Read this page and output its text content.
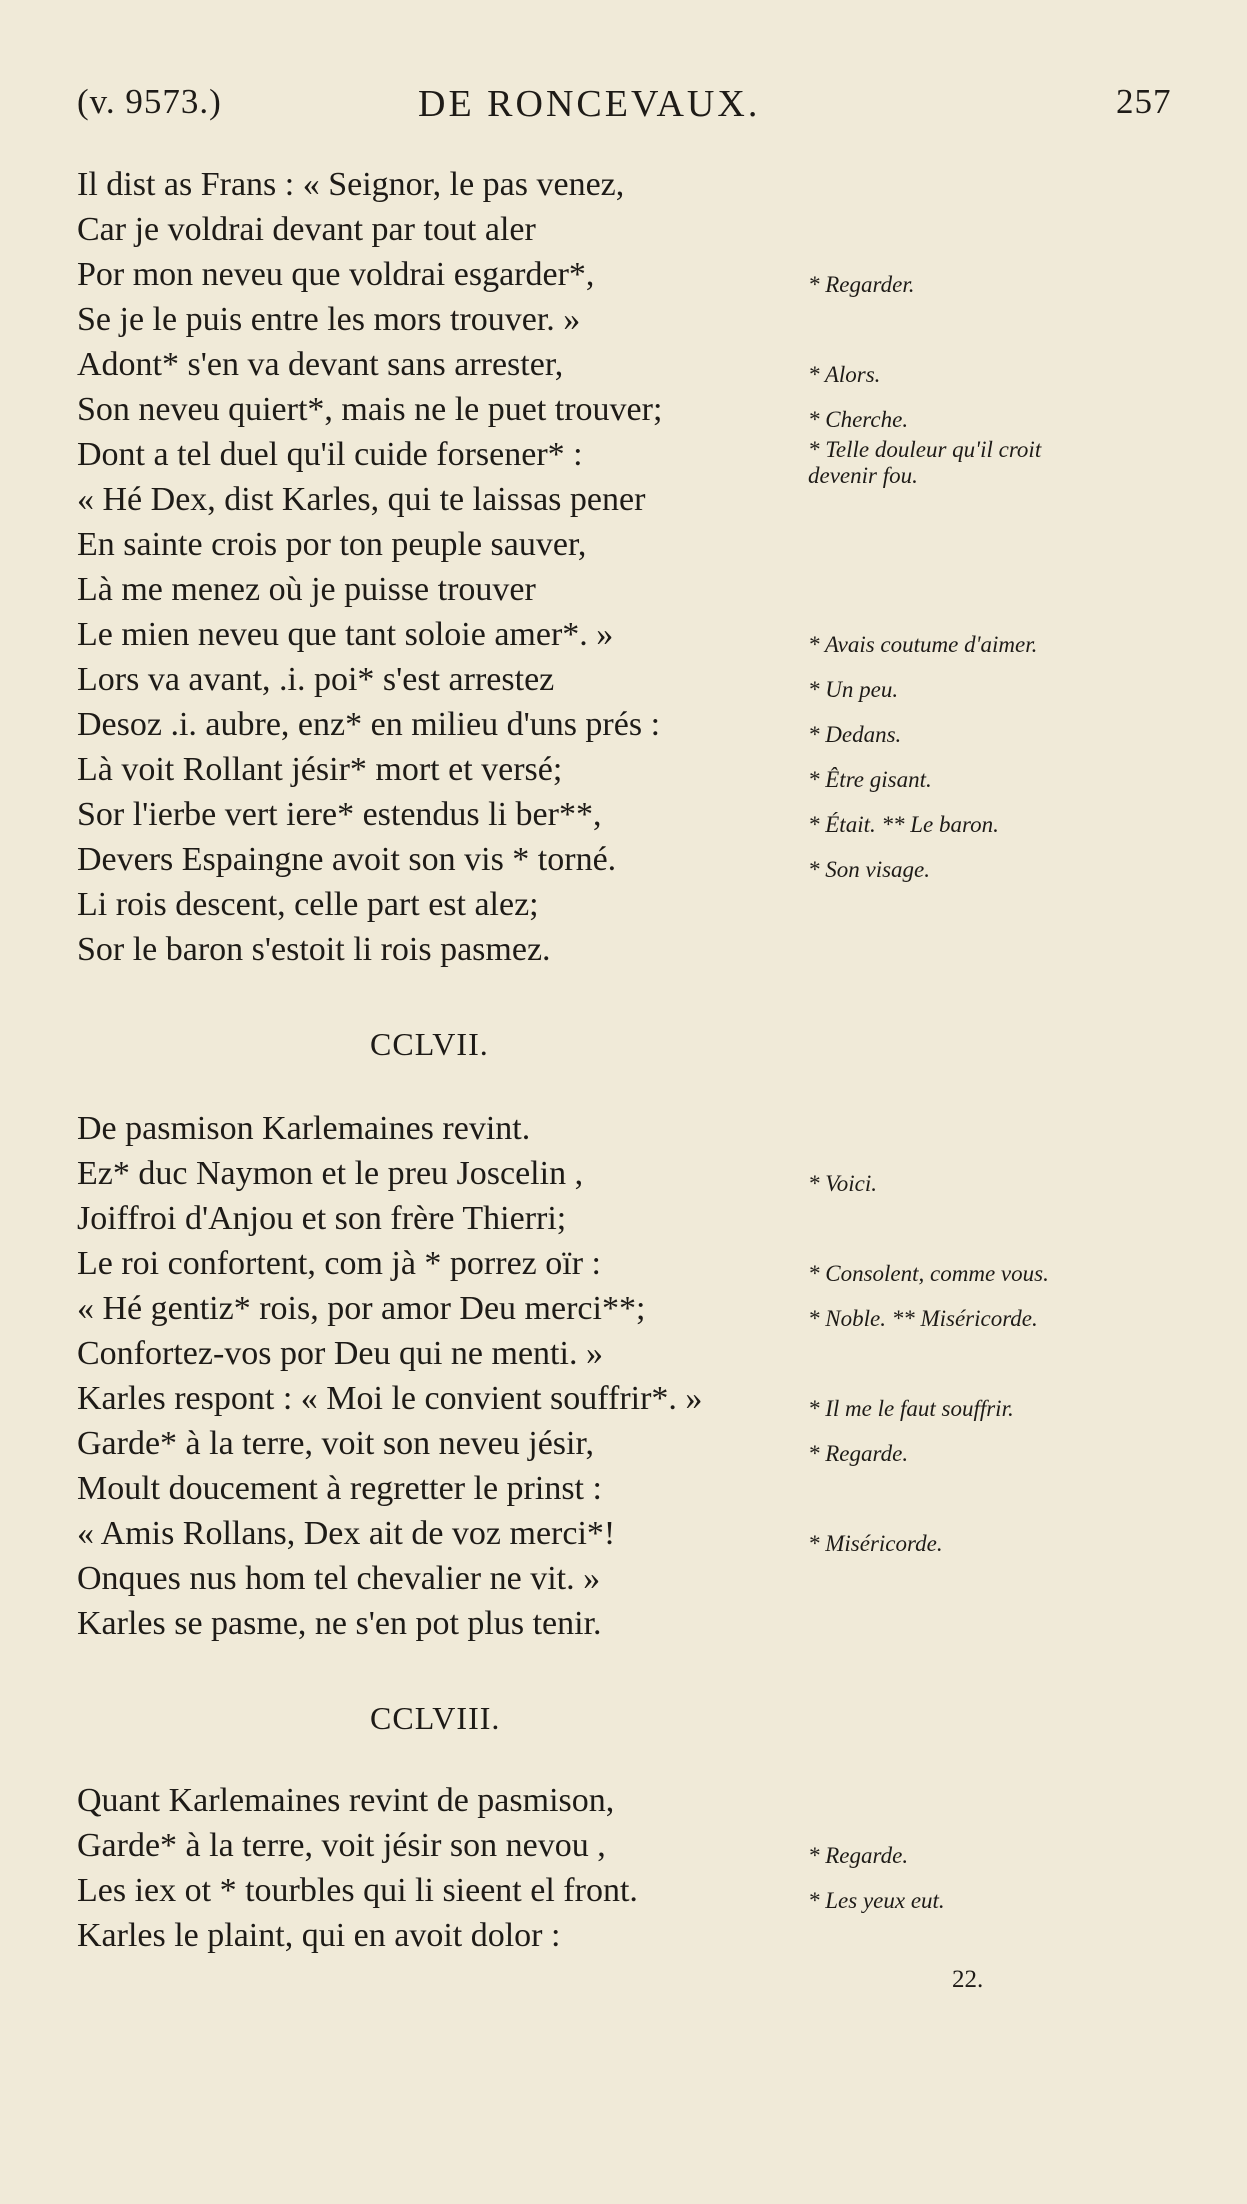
(v. 9573.)	DE RONCEVAUX.	257
Il dist as Frans : « Seignor, le pas venez,
Car je voldrai devant par tout aler
Por mon neveu que voldrai esgarder*,
Se je le puis entre les mors trouver. »
Adont* s'en va devant sans arrester,
Son neveu quiert*, mais ne le puet trouver;
Dont a tel duel qu'il cuide forsener* :
« Hé Dex, dist Karles, qui te laissas pener
En sainte crois por ton peuple sauver,
Là me menez où je puisse trouver
Le mien neveu que tant soloie amer*. »
Lors va avant, .i. poi* s'est arrestez
Desoz .i. aubre, enz* en milieu d'uns prés :
Là voit Rollant jésir* mort et versé;
Sor l'ierbe vert iere* estendus li ber**,
Devers Espaingne avoit son vis * torné.
Li rois descent, celle part est alez;
Sor le baron s'estoit li rois pasmez.
* Regarder.
* Alors.
* Cherche.
* Telle douleur qu'il croit
devenir fou.
* Avais coutume d'aimer.
* Un peu.
* Dedans.
* Être gisant.
* Était. ** Le baron.
* Son visage.
CCLVII.
De pasmison Karlemaines revint.
Ez* duc Naymon et le preu Joscelin ,
Joiffroi d'Anjou et son frère Thierri;
Le roi confortent, com jà * porrez oïr :
« Hé gentiz* rois, por amor Deu merci**;
Confortez-vos por Deu qui ne menti. »
Karles respont : « Moi le convient souffrir*. »
Garde* à la terre, voit son neveu jésir,
Moult doucement à regretter le prinst :
« Amis Rollans, Dex ait de voz merci*!
Onques nus hom tel chevalier ne vit. »
Karles se pasme, ne s'en pot plus tenir.
* Voici.
* Consolent, comme vous.
* Noble. ** Miséricorde.
* Il me le faut souffrir.
* Regarde.
* Miséricorde.
CCLVIII.
Quant Karlemaines revint de pasmison,
Garde* à la terre, voit jésir son nevou ,
Les iex ot * tourbles qui li sieent el front.
Karles le plaint, qui en avoit dolor :
* Regarde.
* Les yeux eut.
22.
